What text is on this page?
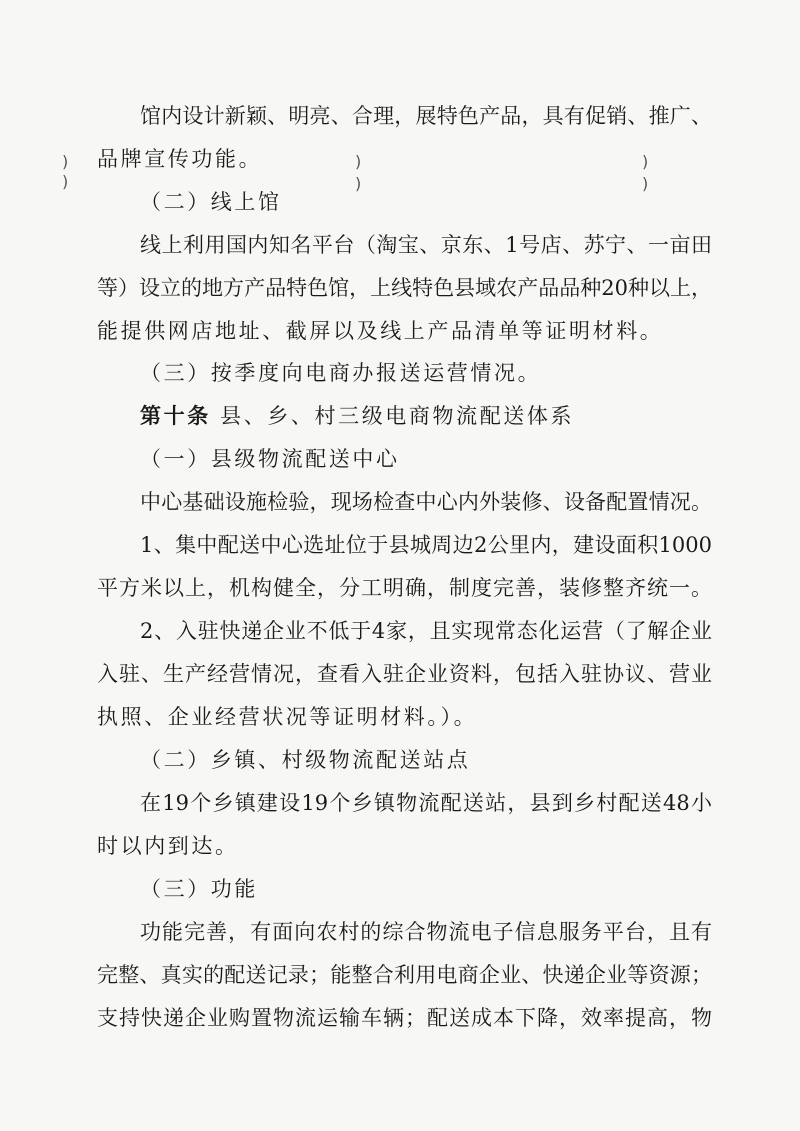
)
)
)
)
)
)
馆内设计新颖、明亮、合理，展特色产品，具有促销、推广、
品牌宣传功能。
（二）线上馆
线上利用国内知名平台（淘宝、京东、1号店、苏宁、一亩田
等）设立的地方产品特色馆，上线特色县域农产品品种20种以上，
能提供网店地址、截屏以及线上产品清单等证明材料。
（三）按季度向电商办报送运营情况。
第十条 县、乡、村三级电商物流配送体系
（一）县级物流配送中心
中心基础设施检验，现场检查中心内外装修、设备配置情况。
1、集中配送中心选址位于县城周边2公里内，建设面积1000
平方米以上，机构健全，分工明确，制度完善，装修整齐统一。
2、入驻快递企业不低于4家，且实现常态化运营（了解企业
入驻、生产经营情况，查看入驻企业资料，包括入驻协议、营业
执照、企业经营状况等证明材料。）。
（二）乡镇、村级物流配送站点
在19个乡镇建设19个乡镇物流配送站，县到乡村配送48小
时以内到达。
（三）功能
功能完善，有面向农村的综合物流电子信息服务平台，且有
完整、真实的配送记录；能整合利用电商企业、快递企业等资源；
支持快递企业购置物流运输车辆；配送成本下降，效率提高，物
